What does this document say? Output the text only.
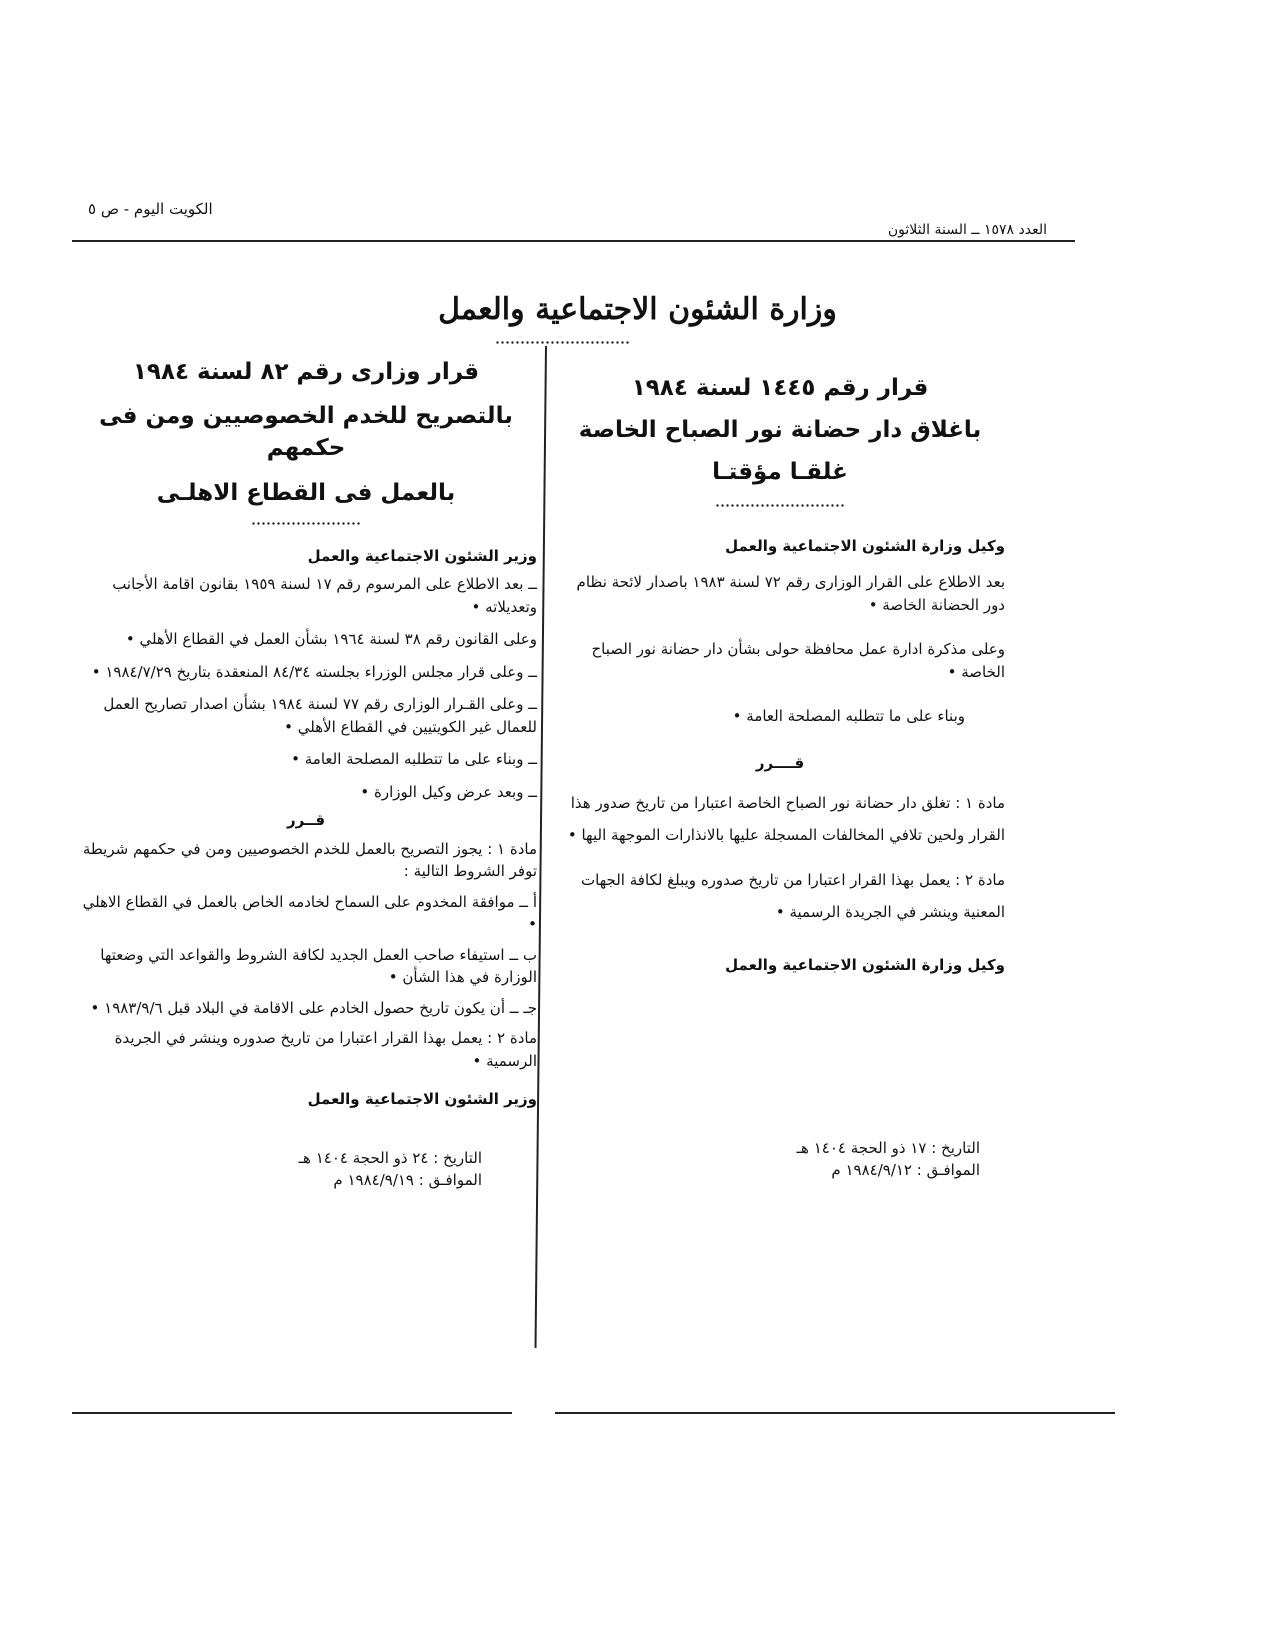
الكويت اليوم - ص ٥
العدد ١٥٧٨ ــ السنة الثلاثون
وزارة الشئون الاجتماعية والعمل
قرار رقم ١٤٤٥ لسنة ١٩٨٤
باغلاق دار حضانة نور الصباح الخاصة
غلقـا مؤقتـا
وكيل وزارة الشئون الاجتماعية والعمل

بعد الاطلاع على القرار الوزارى رقم ٧٢ لسنة ١٩٨٣ باصدار لائحة نظام دور الحضانة الخاصة •

وعلى مذكرة ادارة عمل محافظة حولى بشأن دار حضانة نور الصباح الخاصة •

وبناء على ما تتطلبه المصلحة العامة •

قــــرر

مادة ١ : تغلق دار حضانة نور الصباح الخاصة اعتبارا من تاريخ صدور هذا القرار ولحين تلافي المخالفات المسجلة عليها بالانذارات الموجهة اليها •

مادة ٢ : يعمل بهذا القرار اعتبارا من تاريخ صدوره ويبلغ لكافة الجهات المعنية وينشر في الجريدة الرسمية •

وكيل وزارة الشئون الاجتماعية والعمل
التاريخ : ١٧ ذو الحجة ١٤٠٤ هـ
الموافـق : ١٩٨٤/٩/١٢ م
قرار وزارى رقم ٨٢ لسنة ١٩٨٤
بالتصريح للخدم الخصوصيين ومن فى حكمهم
بالعمل فى القطاع الاهلـى
وزير الشئون الاجتماعية والعمل

ــ بعد الاطلاع على المرسوم رقم ١٧ لسنة ١٩٥٩ بقانون اقامة الأجانب وتعديلاته •

وعلى القانون رقم ٣٨ لسنة ١٩٦٤ بشأن العمل في القطاع الأهلي •

ــ وعلى قرار مجلس الوزراء بجلسته ٨٤/٣٤ المنعقدة بتاريخ ١٩٨٤/٧/٢٩ •

ــ وعلى القـرار الوزارى رقم ٧٧ لسنة ١٩٨٤ بشأن اصدار تصاريح العمل للعمال غير الكويتيين في القطاع الأهلي •

ــ وبناء على ما تتطلبه المصلحة العامة •

ــ وبعد عرض وكيل الوزارة •

قــرر

مادة ١ : يجوز التصريح بالعمل للخدم الخصوصيين ومن في حكمهم شريطة توفر الشروط التالية :

أ ــ موافقة المخدوم على السماح لخادمه الخاص بالعمل في القطاع الاهلي •

ب ــ استيفاء صاحب العمل الجديد لكافة الشروط والقواعد التي وضعتها الوزارة في هذا الشأن •

جـ ــ أن يكون تاريخ حصول الخادم على الاقامة في البلاد قبل ١٩٨٣/٩/٦ •

مادة ٢ : يعمل بهذا القرار اعتبارا من تاريخ صدوره وينشر في الجريدة الرسمية •

وزير الشئون الاجتماعية والعمل
التاريخ : ٢٤ ذو الحجة ١٤٠٤ هـ
الموافـق : ١٩٨٤/٩/١٩ م
